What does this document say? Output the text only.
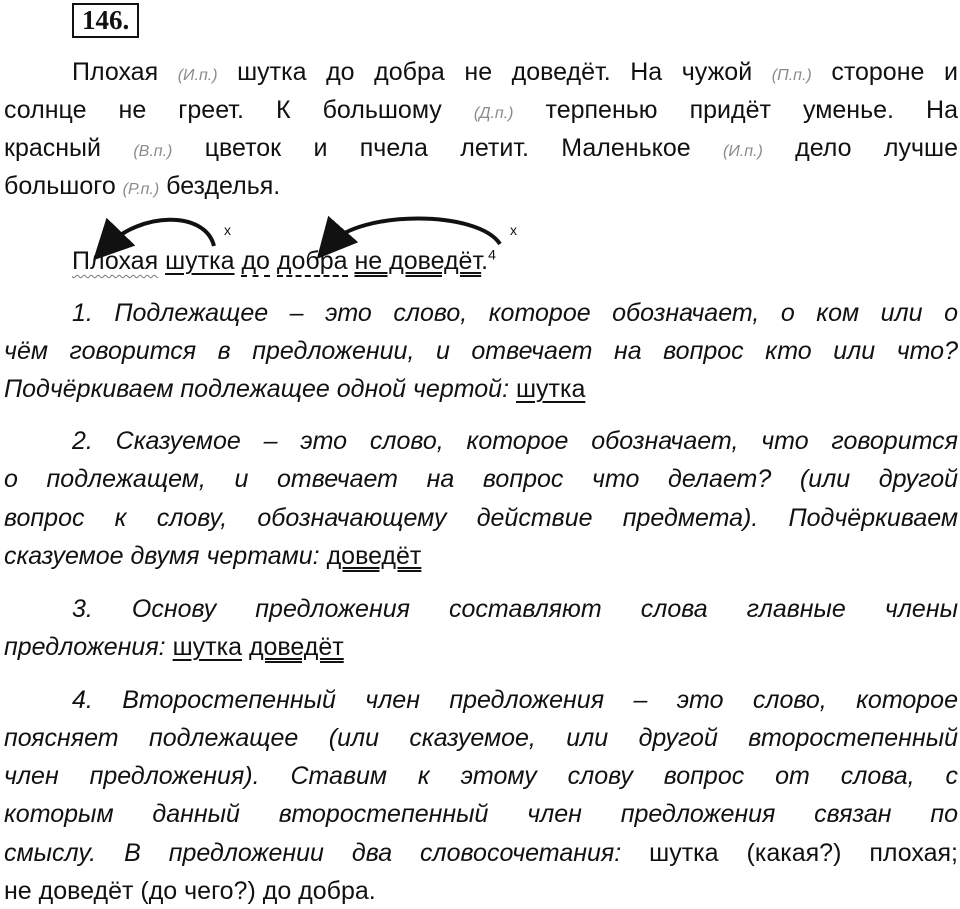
146.
Плохая (И.п.) шутка до добра не доведёт. На чужой (П.п.) стороне и
солнце не греет. К большому (Д.п.) терпенью придёт уменье. На
красный (В.п.) цветок и пчела летит. Маленькое (И.п.) дело лучше
большого (Р.п.) безделья.
х	х
Плохая шутка до добра не доведёт.$^4$
1. Подлежащее – это слово, которое обозначает, о ком или о
чём говорится в предложении, и отвечает на вопрос кто или что?
Подчёркиваем подлежащее одной чертой: шутка
2. Сказуемое – это слово, которое обозначает, что говорится
о подлежащем, и отвечает на вопрос что делает? (или другой
вопрос к слову, обозначающему действие предмета). Подчёркиваем
сказуемое двумя чертами: доведёт
3. Основу предложения составляют слова главные члены
предложения: шутка доведёт
4. Второстепенный член предложения – это слово, которое
поясняет подлежащее (или сказуемое, или другой второстепенный
член предложения). Ставим к этому слову вопрос от слова, с
которым данный второстепенный член предложения связан по
смыслу. В предложении два словосочетания: шутка (какая?) плохая;
не доведёт (до чего?) до добра.
